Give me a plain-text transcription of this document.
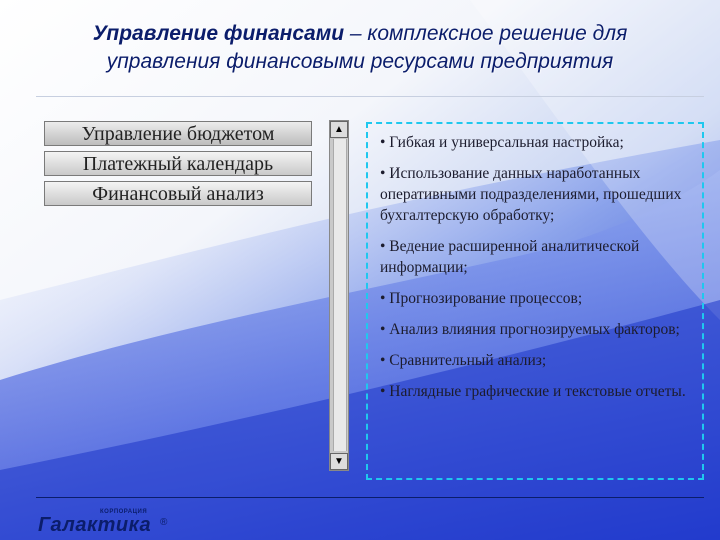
Управление финансами – комплексное решение для
управления финансовыми ресурсами предприятия
Управление бюджетом
Платежный календарь
Финансовый анализ
▲
▼
• Гибкая и универсальная настройка;
• Использование данных наработанных оперативными подразделениями, прошедших бухгалтерскую обработку;
• Ведение расширенной аналитической информации;
• Прогнозирование процессов;
• Анализ влияния прогнозируемых факторов;
• Сравнительный анализ;
• Наглядные графические и текстовые отчеты.
КОРПОРАЦИЯ
Галактика ®
